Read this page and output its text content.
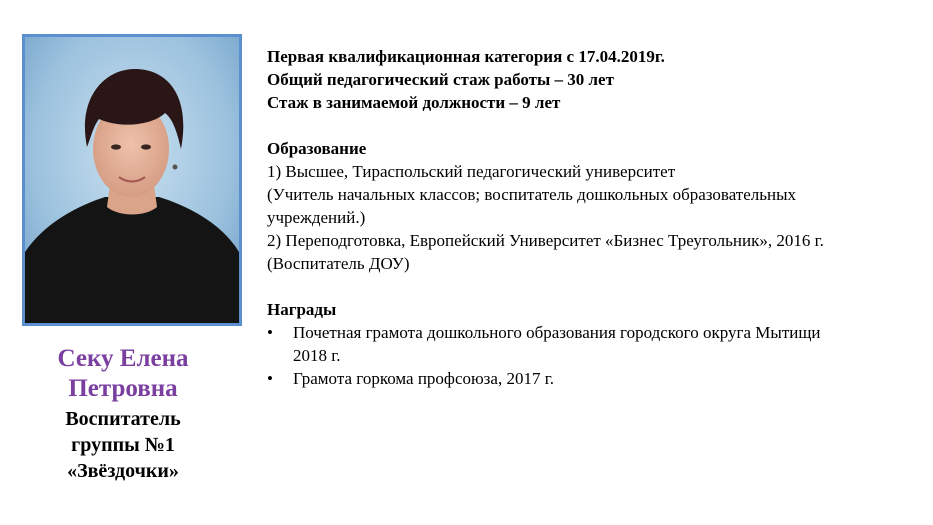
Секу Елена
Петровна
Воспитатель
группы №1
«Звёздочки»
Первая квалификационная категория с 17.04.2019г.
Общий педагогический стаж работы – 30 лет
Стаж в занимаемой должности – 9 лет
Образование
1) Высшее, Тираспольский педагогический университет
(Учитель начальных классов; воспитатель дошкольных образовательных
учреждений.)
2) Переподготовка, Европейский Университет «Бизнес Треугольник», 2016 г.
(Воспитатель ДОУ)
Награды
• Почетная грамота дошкольного образования городского округа Мытищи
2018 г.
• Грамота горкома профсоюза, 2017 г.
